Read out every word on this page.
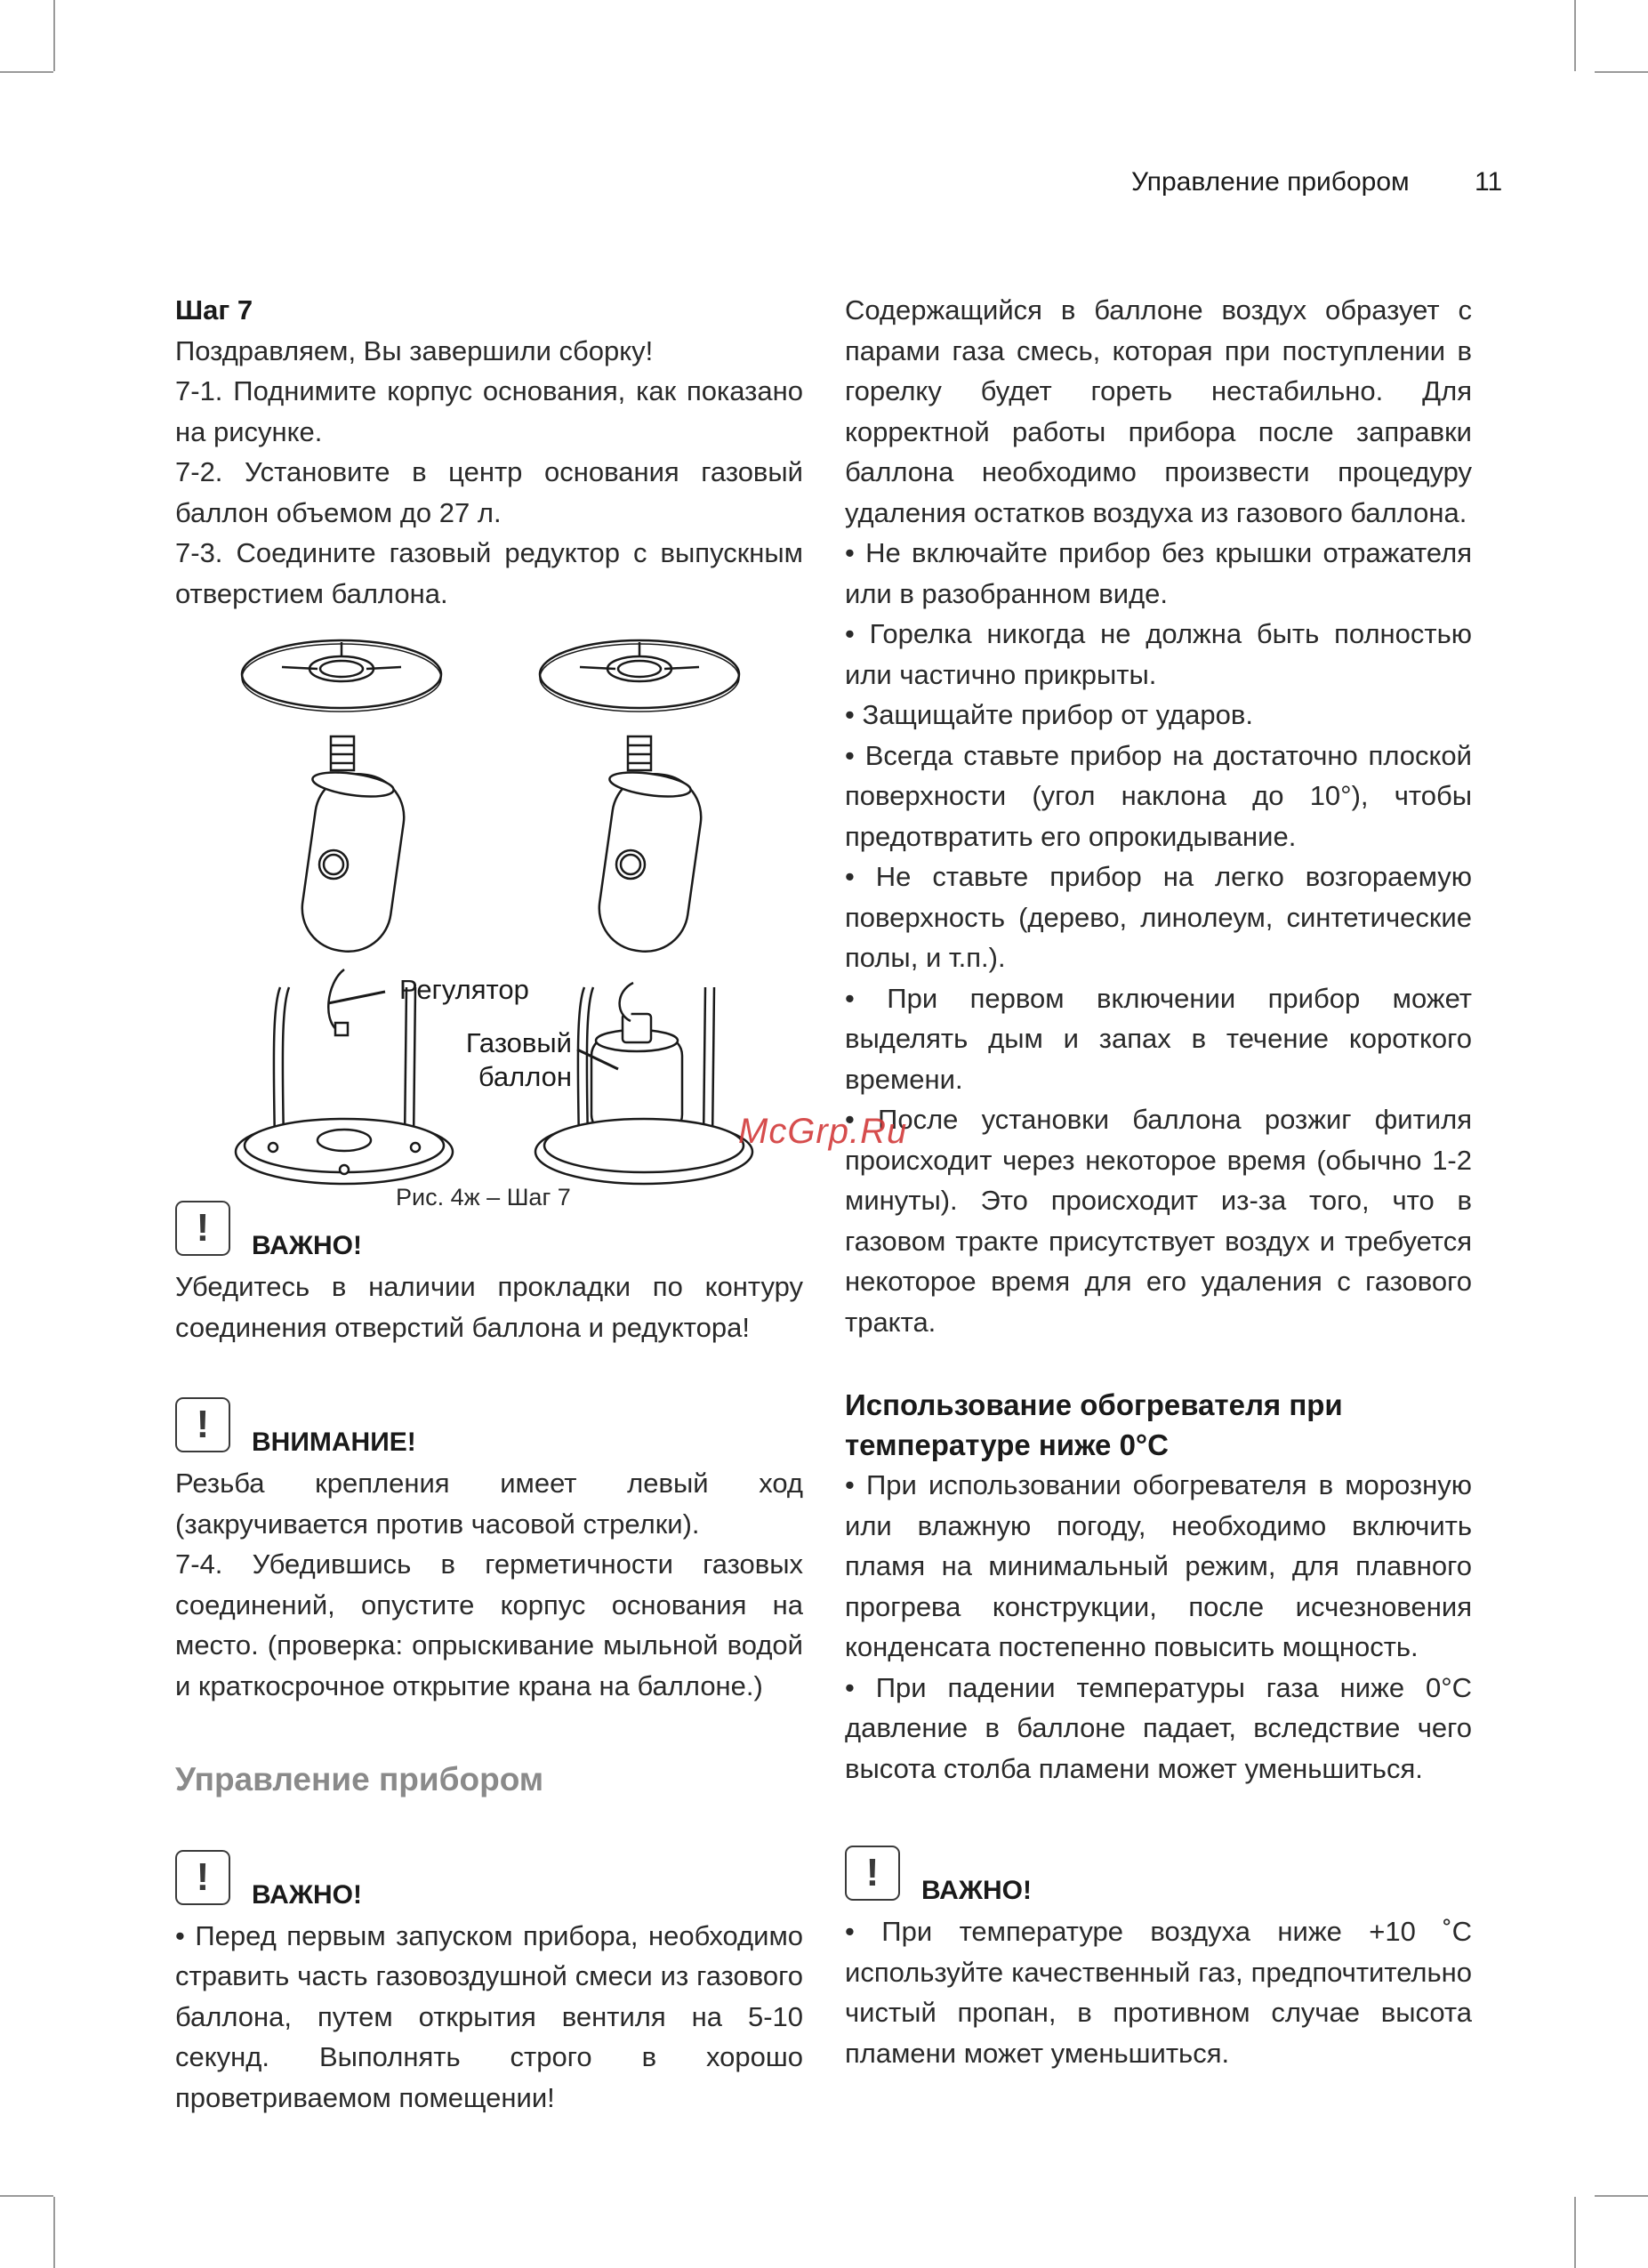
Управление прибором 11

Шаг 7

Поздравляем, Вы завершили сборку!

7-1. Поднимите корпус основания, как показано на рисунке.

7-2. Установите в центр основания газовый баллон объемом до 27 л.

7-3. Соедините газовый редуктор с выпускным отверстием баллона.

Регулятор
Газовый баллон
Рис. 4ж – Шаг 7
!	ВАЖНО!

Убедитесь в наличии прокладки по контуру соединения отверстий баллона и редуктора!

!	ВНИМАНИЕ!

Резьба крепления имеет левый ход (закручивается против часовой стрелки).

7-4. Убедившись в герметичности газовых соединений, опустите корпус основания на место. (проверка: опрыскивание мыльной водой и краткосрочное открытие крана на баллоне.)

Управление прибором

!	ВАЖНО!

• Перед первым запуском прибора, необходимо стравить часть газовоздушной смеси из газового баллона, путем открытия вентиля на 5-10 секунд. Выполнять строго в хорошо проветриваемом помещении!

Содержащийся в баллоне воздух образует с парами газа смесь, которая при поступлении в горелку будет гореть нестабильно. Для корректной работы прибора после заправки баллона необходимо произвести процедуру удаления остатков воздуха из газового баллона.

• Не включайте прибор без крышки отражателя или в разобранном виде.

• Горелка никогда не должна быть полностью или частично прикрыты.

• Защищайте прибор от ударов.

• Всегда ставьте прибор на достаточно плоской поверхности (угол наклона до 10°), чтобы предотвратить его опрокидывание.

• Не ставьте прибор на легко возгораемую поверхность (дерево, линолеум, синтетические полы, и т.п.).

• При первом включении прибор может выделять дым и запах в течение короткого времени.

• После установки баллона розжиг фитиля происходит через некоторое время (обычно 1-2 минуты). Это происходит из-за того, что в газовом тракте присутствует воздух и требуется некоторое время для его удаления с газового тракта.

Использование обогревателя при температуре ниже 0°С

• При использовании обогревателя в морозную или влажную погоду, необходимо включить пламя на минимальный режим, для плавного прогрева конструкции, после исчезновения конденсата постепенно повысить мощность.

• При падении температуры газа ниже 0°С давление в баллоне падает, вследствие чего высота столба пламени может уменьшиться.

!	ВАЖНО!

• При температуре воздуха ниже +10 ˚С используйте качественный газ, предпочтительно чистый пропан, в противном случае высота пламени может уменьшиться.

McGrp.Ru
